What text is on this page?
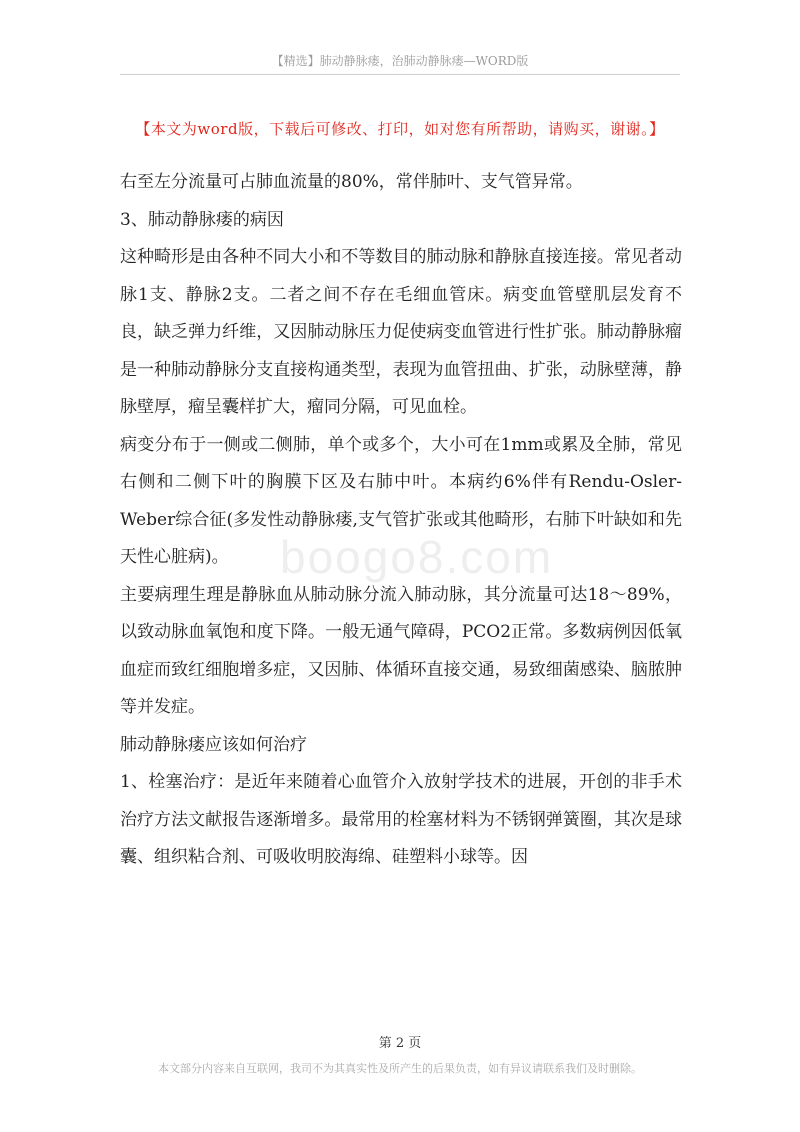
【精选】肺动静脉瘘，治肺动静脉瘘—WORD版
【本文为word版，下载后可修改、打印，如对您有所帮助，请购买，谢谢。】
boogo8.com

右至左分流量可占肺血流量的80%，常伴肺叶、支气管异常。

3、肺动静脉瘘的病因

这种畸形是由各种不同大小和不等数目的肺动脉和静脉直接连接。常见者动脉1支、静脉2支。二者之间不存在毛细血管床。病变血管壁肌层发育不良，缺乏弹力纤维，又因肺动脉压力促使病变血管进行性扩张。肺动静脉瘤是一种肺动静脉分支直接构通类型，表现为血管扭曲、扩张，动脉壁薄，静脉壁厚，瘤呈囊样扩大，瘤同分隔，可见血栓。

病变分布于一侧或二侧肺，单个或多个，大小可在1mm或累及全肺，常见右侧和二侧下叶的胸膜下区及右肺中叶。本病约6%伴有Rendu-Osler-Weber综合征(多发性动静脉瘘,支气管扩张或其他畸形，右肺下叶缺如和先天性心脏病)。

主要病理生理是静脉血从肺动脉分流入肺动脉，其分流量可达18～89%，以致动脉血氧饱和度下降。一般无通气障碍，PCO2正常。多数病例因低氧血症而致红细胞增多症，又因肺、体循环直接交通，易致细菌感染、脑脓肿等并发症。

肺动静脉瘘应该如何治疗

1、栓塞治疗：是近年来随着心血管介入放射学技术的进展，开创的非手术治疗方法文献报告逐渐增多。最常用的栓塞材料为不锈钢弹簧圈，其次是球囊、组织粘合剂、可吸收明胶海绵、硅塑料小球等。因

第 2 页
本文部分内容来自互联网，我司不为其真实性及所产生的后果负责，如有异议请联系我们及时删除。
